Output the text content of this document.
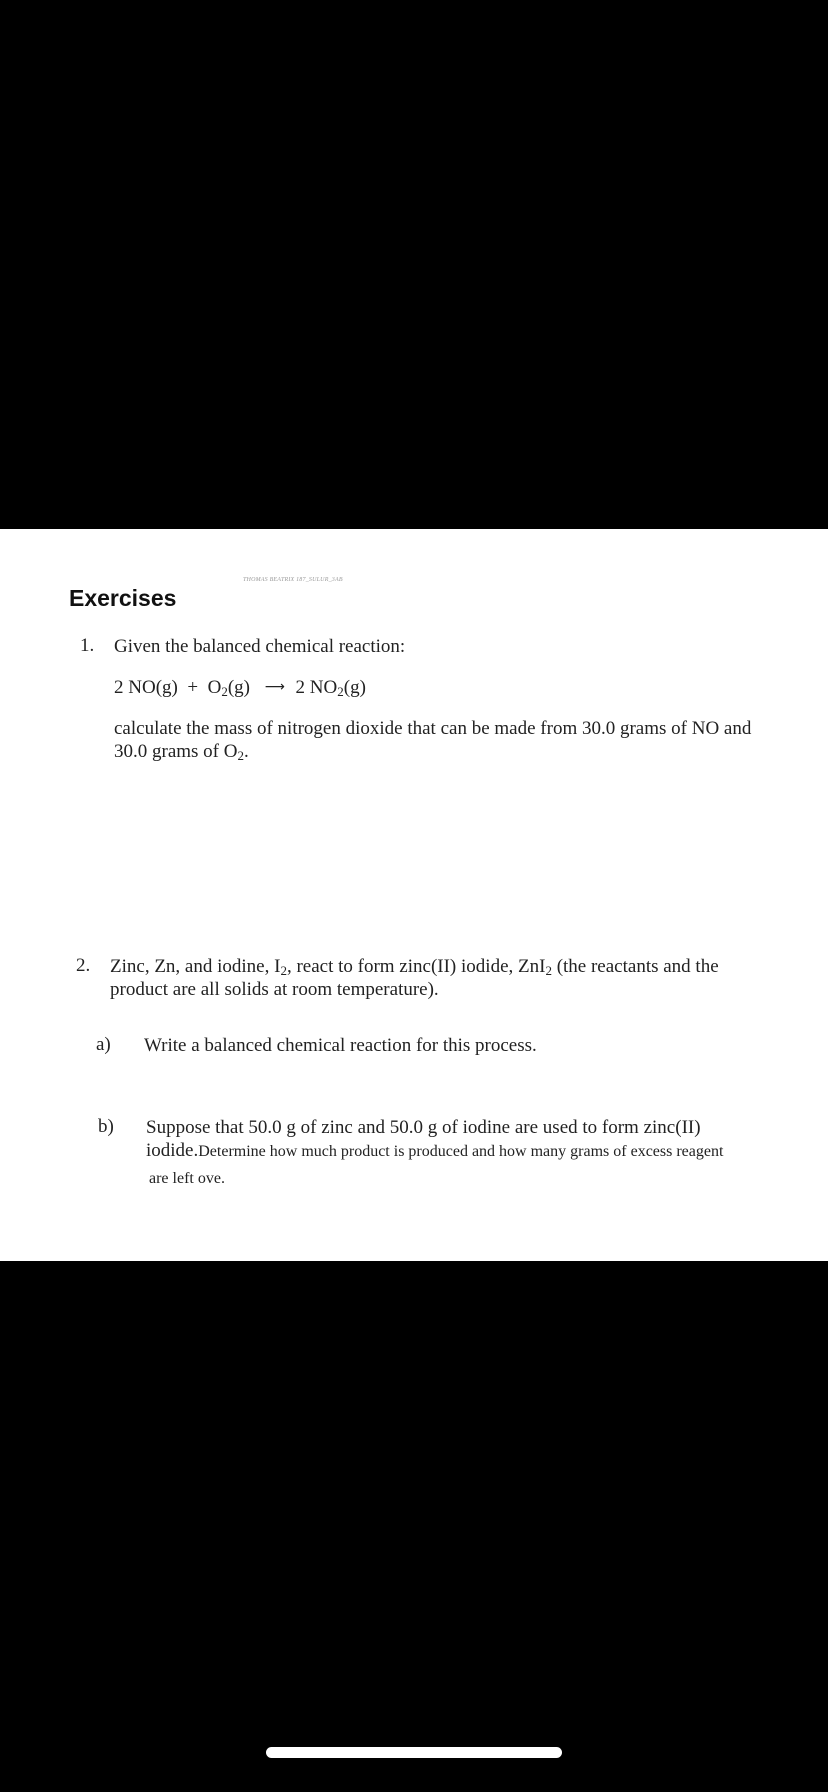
THOMAS BEATRIX 187_SULUR_3AB
Exercises
1. Given the balanced chemical reaction:
2 $NO(g) + O_2(g)$ ⟶ 2 $NO_2(g)$
calculate the mass of nitrogen dioxide that can be made from 30.0 grams of NO and
30.0 grams of $O_2$.
2. Zinc, Zn, and iodine, $I_2$, react to form zinc(II) iodide, ZnI$_2$ (the reactants and the
product are all solids at room temperature).
a) Write a balanced chemical reaction for this process.
b) Suppose that 50.0 g of zinc and 50.0 g of iodine are used to form zinc(II)
iodide.Determine how much product is produced and how many grams of excess reagent
are left ove.
